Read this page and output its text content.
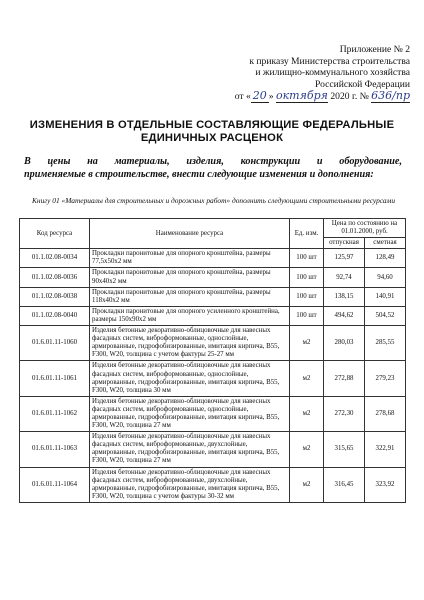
Приложение № 2
к приказу Министерства строительства
и жилищно-коммунального хозяйства
Российской Федерации
от « 20 » октября 2020 г. № 636/пр
ИЗМЕНЕНИЯ В ОТДЕЛЬНЫЕ СОСТАВЛЯЮЩИЕ ФЕДЕРАЛЬНЫЕ
ЕДИНИЧНЫХ РАСЦЕНОК
В цены на материалы, изделия, конструкции и оборудование,
применяемые в строительстве, внести следующие изменения и дополнения:
Книгу 01 «Материалы для строительных и дорожных работ» дополнить следующими строительными ресурсами
Код ресурса	Наименование ресурса	Ед. изм.	Цена по состоянию на 01.01.2000, руб.	
			отпускная	сметная
01.1.02.08-0034	Прокладки паронитовые для опорного кронштейна, размеры 77,5х50х2 мм	100 шт	125,97	128,49
01.1.02.08-0036	Прокладки паронитовые для опорного кронштейна, размеры 90х40х2 мм	100 шт	92,74	94,60
01.1.02.08-0038	Прокладки паронитовые для опорного кронштейна, размеры 118х40х2 мм	100 шт	138,15	140,91
01.1.02.08-0040	Прокладки паронитовые для опорного усиленного кронштейна, размеры 150х90х2 мм	100 шт	494,62	504,52
01.6.01.11-1060	Изделия бетонные декоративно-облицовочные для навесных фасадных систем, вибpоформованные, однослойные, армированные, гидрофобизированные, имитация кирпича, B55, F300, W20, толщина с учетом фактуры 25-27 мм	м2	280,03	285,55
01.6.01.11-1061	Изделия бетонные декоративно-облицовочные для навесных фасадных систем, вибpоформованные, однослойные, армированные, гидрофобизированные, имитация кирпича, B55, F300, W20, толщина 30 мм	м2	272,88	279,23
01.6.01.11-1062	Изделия бетонные декоративно-облицовочные для навесных фасадных систем, вибpоформованные, однослойные, армированные, гидрофобизированные, имитация кирпича, B55, F300, W20, толщина 27 мм	м2	272,30	278,68
01.6.01.11-1063	Изделия бетонные декоративно-облицовочные для навесных фасадных систем, вибpоформованные, двухслойные, армированные, гидрофобизированные, имитация кирпича, B55, F300, W20, толщина 27 мм	м2	315,65	322,91
01.6.01.11-1064	Изделия бетонные декоративно-облицовочные для навесных фасадных систем, вибpоформованные, двухслойные, армированные, гидрофобизированные, имитация кирпича, B55, F300, W20, толщина с учетом фактуры 30-32 мм	м2	316,45	323,92
